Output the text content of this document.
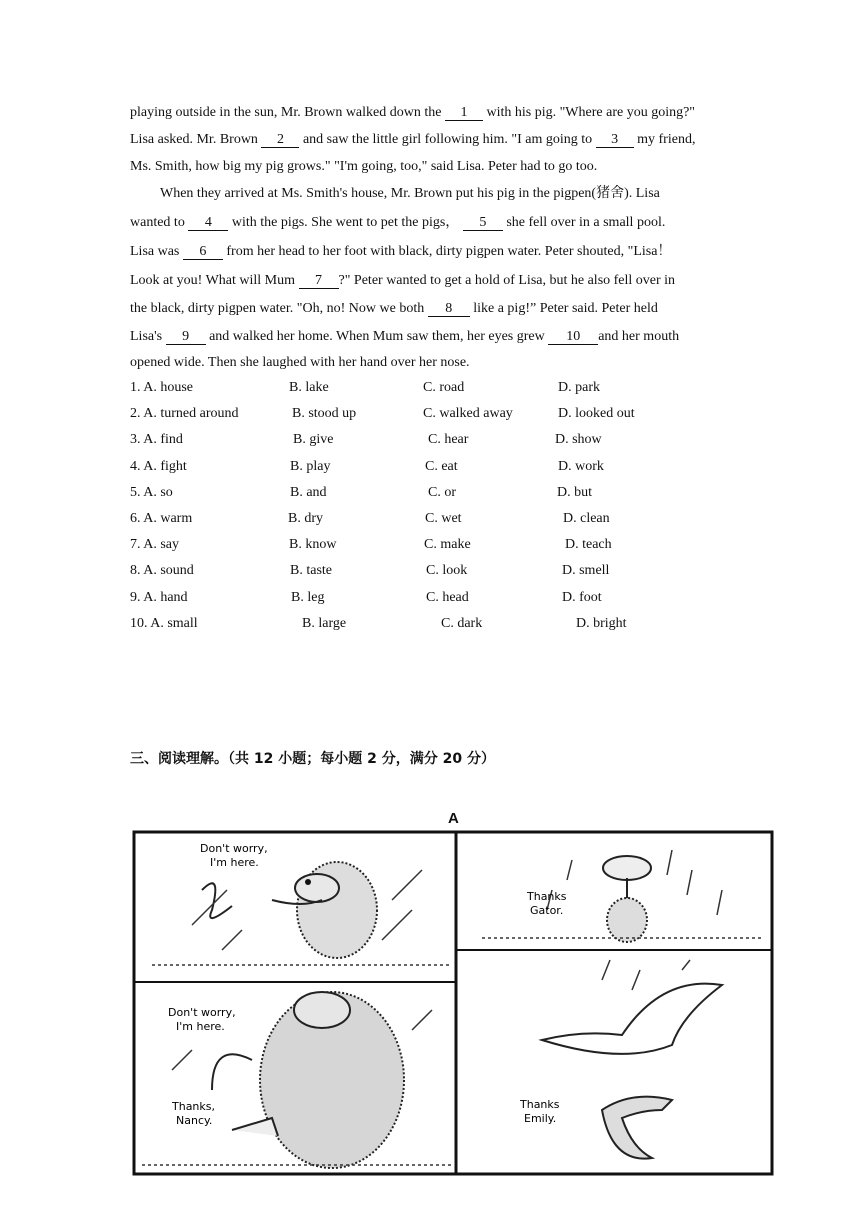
playing outside in the sun, Mr. Brown walked down the 1 with his pig. "Where are you going?"
Lisa asked. Mr. Brown 2 and saw the little girl following him. "I am going to 3 my friend,
Ms. Smith, how big my pig grows." "I'm going, too," said Lisa. Peter had to go too.
When they arrived at Ms. Smith's house, Mr. Brown put his pig in the pigpen(猪舍). Lisa
wanted to 4 with the pigs. She went to pet the pigs， 5 she fell over in a small pool.
Lisa was 6 from her head to her foot with black, dirty pigpen water. Peter shouted, "Lisa！
Look at you! What will Mum 7 ?" Peter wanted to get a hold of Lisa, but he also fell over in
the black, dirty pigpen water. "Oh, no! Now we both 8 like a pig!” Peter said. Peter held
Lisa's 9 and walked her home. When Mum saw them, her eyes grew 10 and her mouth
opened wide. Then she laughed with her hand over her nose.
1. A. house	B. lake	C. road	D. park
2. A. turned around	B. stood up	C. walked away	D. looked out
3. A. find	B. give	C. hear	D. show
4. A. fight	B. play	C. eat	D. work
5. A. so	B. and	C. or	D. but
6. A. warm	B. dry	C. wet	D. clean
7. A. say	B. know	C. make	D. teach
8. A. sound	B. taste	C. look	D. smell
9. A. hand	B. leg	C. head	D. foot
10. A. small	B. large	C. dark	D. bright
三、阅读理解。（共 12 小题；每小题 2 分，满分 20 分）
A
Don't worry,
I'm here.
Thanks
Gator.
Don't worry,
I'm here.
Thanks,
Nancy.
Thanks
Emily.
